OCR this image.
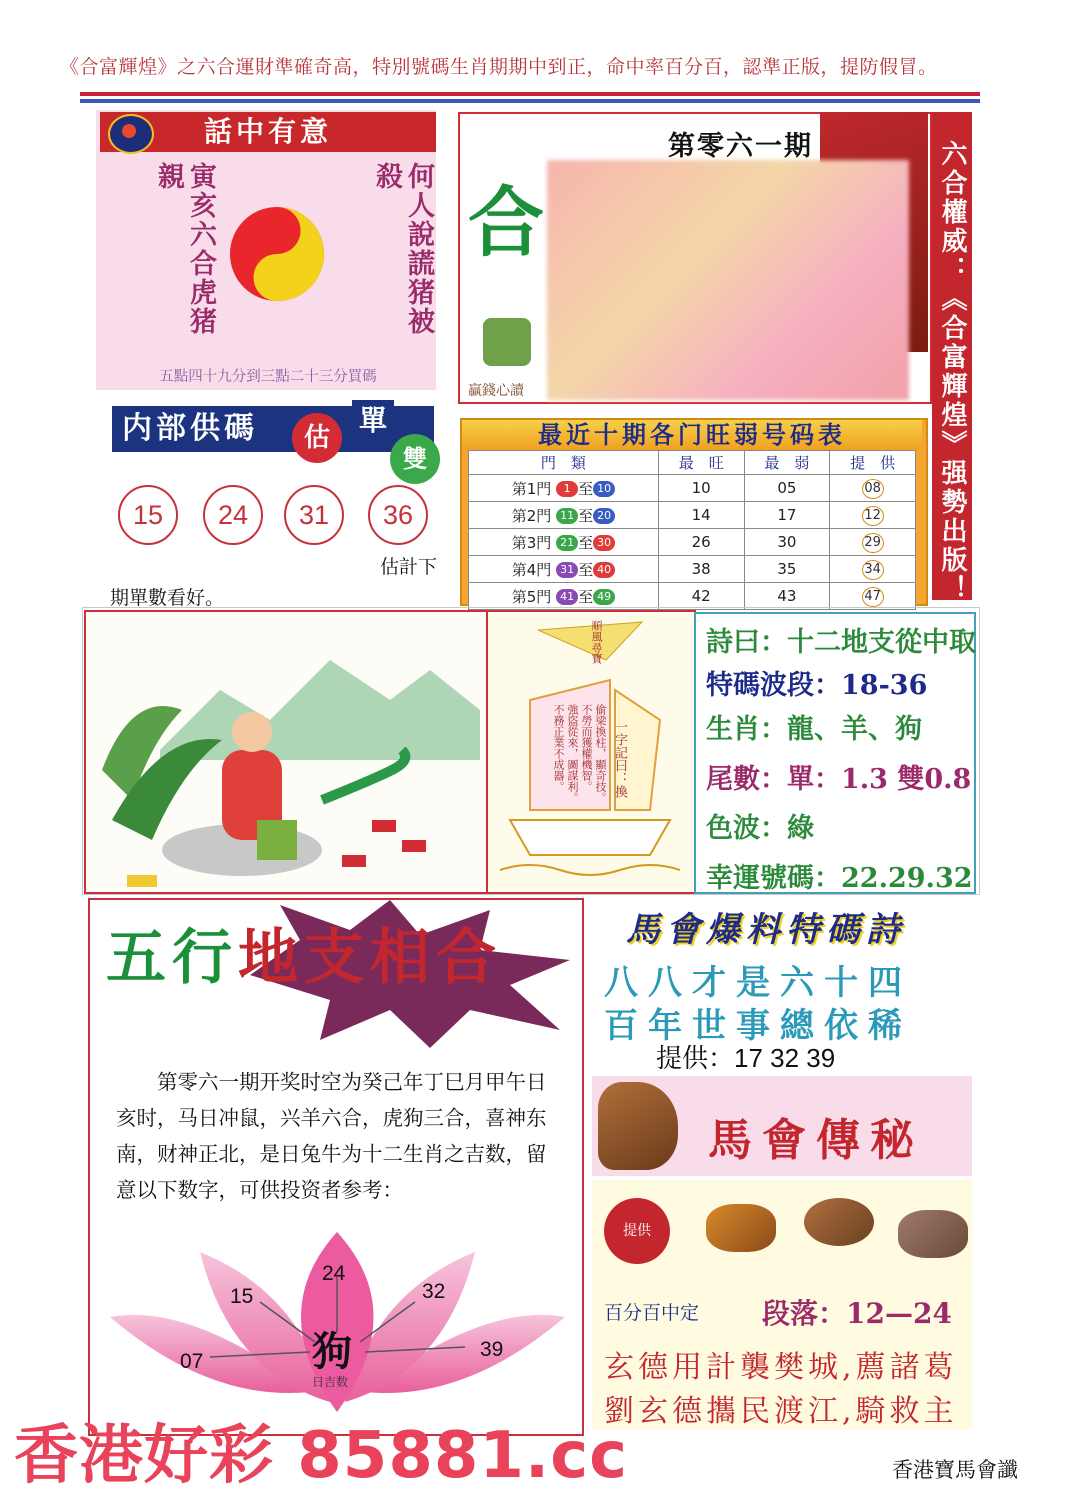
《合富輝煌》之六合運財準確奇高，特別號碼生肖期期中到正，命中率百分百，認準正版，提防假冒。
話中有意
寅亥六合虎猪親	何人說謊猪被殺
五點四十九分到三點二十三分買碼
内部供碼	估
單
雙
15	24	31	36
估計下
期單數看好。
合
第零六一期
贏錢心讀	六合權威：《合富輝煌》强勢出版！
最近十期各门旺弱号码表
門　類	最　旺	最　弱	提　供
第1門 1 至 10	10	05	08
第2門 11 至 20	14	17	12
第3門 21 至 30	26	30	29
第4門 31 至 40	38	35	34
第5門 41 至 49	42	43	47
順風尋寶
一字記曰：換
偷梁換柱，顯奇技。
不勞而獲權機智。
強盜從來，圖謀利。
不務正業不成器。
詩曰：十二地支從中取
特碼波段：18-36
生肖：龍、羊、狗
尾數：單：1.3 雙0.8
色波：綠
幸運號碼：22.29.32
五行地支相合
　　第零六一期开奖时空为癸己年丁巳月甲午日亥时，马日冲鼠，兴羊六合，虎狗三合，喜神东南，财神正北，是日兔牛为十二生肖之吉数，留意以下数字，可供投资者参考：
07
15
24
32
39
狗
日吉数
馬會爆料特碼詩
八八才是六十四
百年世事總依稀
提供：17 32 39
馬會傳秘
提供
百分百中定 段落：12—24
玄德用計襲樊城,薦諸葛
劉玄德攜民渡江,騎救主
香港好彩 85881.cc	香港寶馬會讖
